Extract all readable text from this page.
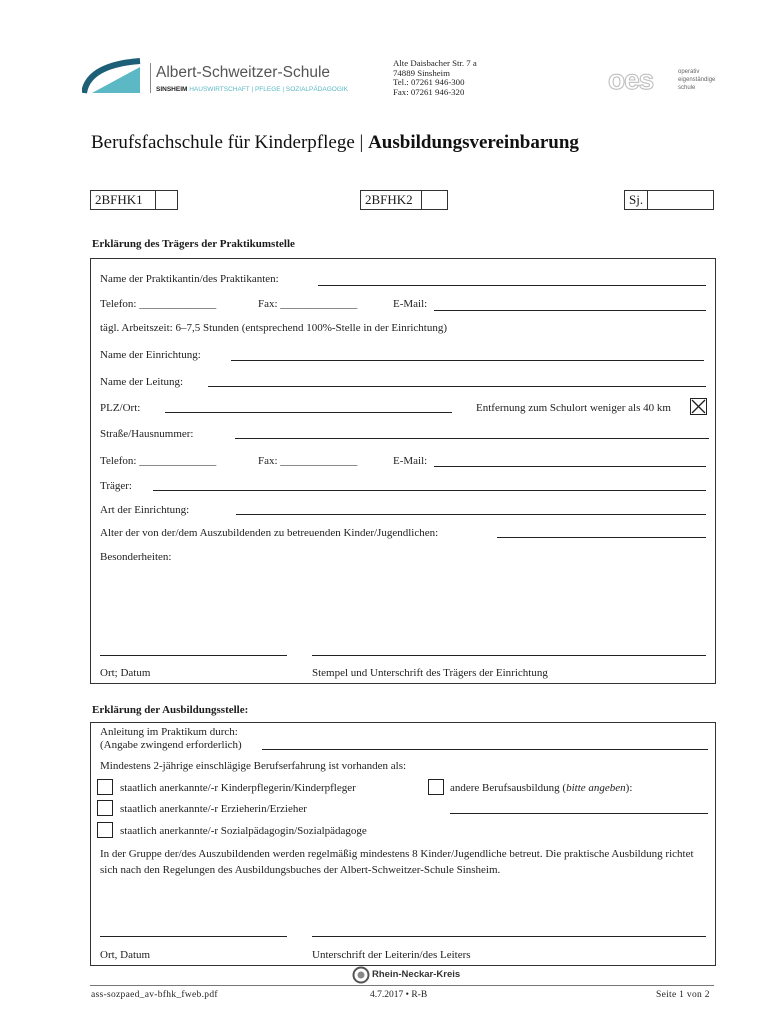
Albert-Schweitzer-Schule
SINSHEIM HAUSWIRTSCHAFT | PFLEGE | SOZIALPÄDAGOGIK
Alte Daisbacher Str. 7 a
74889 Sinsheim
Tel.: 07261 946-300
Fax: 07261 946-320	oes	operativ
eigenständige
schule
Berufsfachschule für Kinderpflege | Ausbildungsvereinbarung
2BFHK1	2BFHK2	Sj.
Erklärung des Trägers der Praktikumstelle
Name der Praktikantin/des Praktikanten:
Telefon: ______________	Fax: ______________	E-Mail:
tägl. Arbeitszeit: 6–7,5 Stunden (entsprechend 100%-Stelle in der Einrichtung)
Name der Einrichtung:
Name der Leitung:
PLZ/Ort:	Entfernung zum Schulort weniger als 40 km
Straße/Hausnummer:
Telefon: ______________	Fax: ______________	E-Mail:
Träger:
Art der Einrichtung:
Alter der von der/dem Auszubildenden zu betreuenden Kinder/Jugendlichen:
Besonderheiten:
Ort; Datum	Stempel und Unterschrift des Trägers der Einrichtung
Erklärung der Ausbildungsstelle:
Anleitung im Praktikum durch:
(Angabe zwingend erforderlich)
Mindestens 2-jährige einschlägige Berufserfahrung ist vorhanden als:
staatlich anerkannte/-r Kinderpflegerin/Kinderpfleger	andere Berufsausbildung (bitte angeben):
staatlich anerkannte/-r Erzieherin/Erzieher
staatlich anerkannte/-r Sozialpädagogin/Sozialpädagoge
In der Gruppe der/des Auszubildenden werden regelmäßig mindestens 8 Kinder/Jugendliche betreut. Die praktische Ausbildung richtet sich nach den Regelungen des Ausbildungsbuches der Albert-Schweitzer-Schule Sinsheim.
Ort, Datum	Unterschrift der Leiterin/des Leiters
Rhein-Neckar-Kreis
ass-sozpaed_av-bfhk_fweb.pdf	4.7.2017 • R-B	Seite 1 von 2
